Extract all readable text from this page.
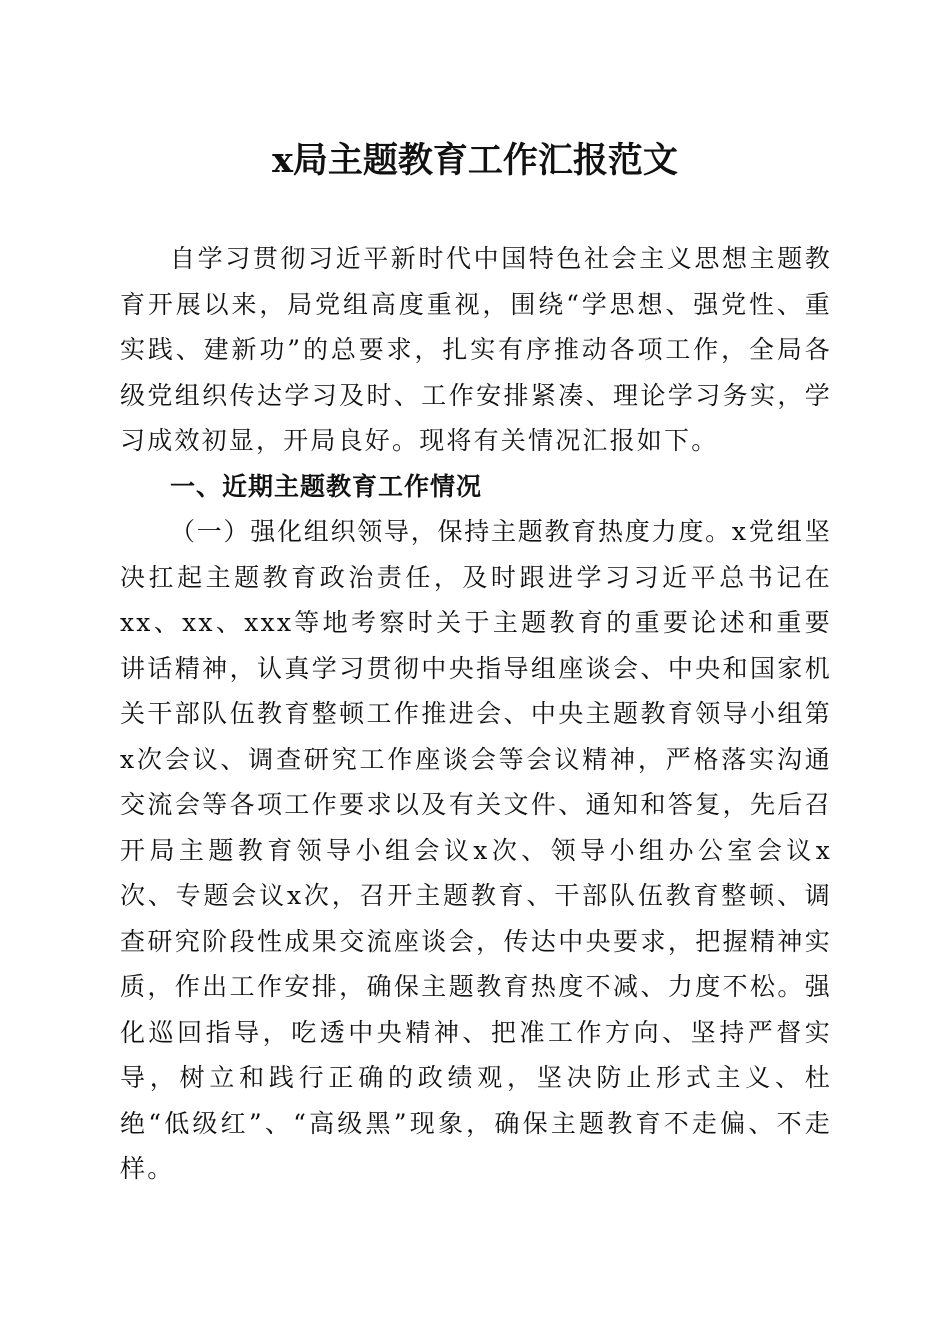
x局主题教育工作汇报范文

自学习贯彻习近平新时代中国特色社会主义思想主题教育开展以来，局党组高度重视，围绕“学思想、强党性、重实践、建新功”的总要求，扎实有序推动各项工作，全局各级党组织传达学习及时、工作安排紧凑、理论学习务实，学习成效初显，开局良好。现将有关情况汇报如下。

一、近期主题教育工作情况

（一）强化组织领导，保持主题教育热度力度。x党组坚决扛起主题教育政治责任，及时跟进学习习近平总书记在xx、xx、xxx等地考察时关于主题教育的重要论述和重要讲话精神，认真学习贯彻中央指导组座谈会、中央和国家机关干部队伍教育整顿工作推进会、中央主题教育领导小组第x次会议、调查研究工作座谈会等会议精神，严格落实沟通交流会等各项工作要求以及有关文件、通知和答复，先后召开局主题教育领导小组会议x次、领导小组办公室会议x次、专题会议x次，召开主题教育、干部队伍教育整顿、调查研究阶段性成果交流座谈会，传达中央要求，把握精神实质，作出工作安排，确保主题教育热度不减、力度不松。强化巡回指导，吃透中央精神、把准工作方向、坚持严督实导，树立和践行正确的政绩观，坚决防止形式主义、杜绝“低级红”、“高级黑”现象，确保主题教育不走偏、不走样。
